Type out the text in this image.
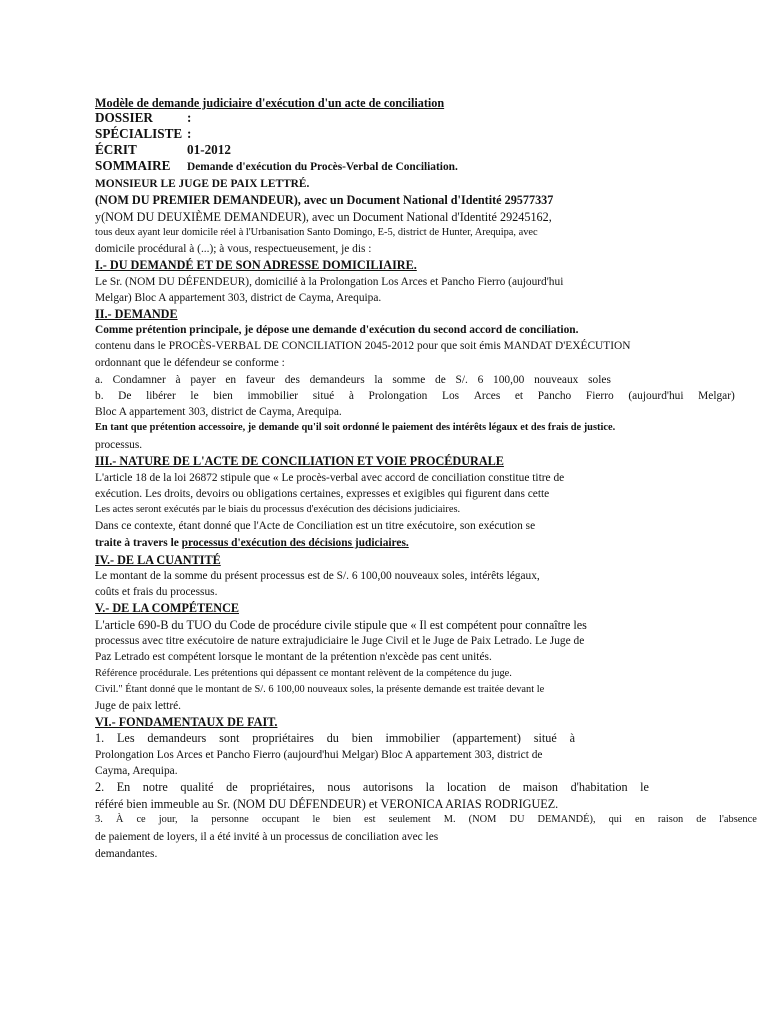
Modèle de demande judiciaire d'exécution d'un acte de conciliation
DOSSIER	:
SPÉCIALISTE :
ÉCRIT	01-2012
SOMMAIRE Demande d'exécution du Procès-Verbal de Conciliation.
MONSIEUR LE JUGE DE PAIX LETTRÉ.
(NOM DU PREMIER DEMANDEUR), avec un Document National d'Identité 29577337
y(NOM DU DEUXIÈME DEMANDEUR), avec un Document National d'Identité 29245162,
tous deux ayant leur domicile réel à l'Urbanisation Santo Domingo, E-5, district de Hunter, Arequipa, avec
domicile procédural à (...); à vous, respectueusement, je dis :
I.- DU DEMANDÉ ET DE SON ADRESSE DOMICILIAIRE.
Le Sr. (NOM DU DÉFENDEUR), domicilié à la Prolongation Los Arces et Pancho Fierro (aujourd'hui
Melgar) Bloc A appartement 303, district de Cayma, Arequipa.
II.- DEMANDE
Comme prétention principale, je dépose une demande d'exécution du second accord de conciliation.
contenu dans le PROCÈS-VERBAL DE CONCILIATION 2045-2012 pour que soit émis MANDAT D'EXÉCUTION
ordonnant que le défendeur se conforme :
a. Condamner à payer en faveur des demandeurs la somme de S/. 6 100,00 nouveaux soles
b. De libérer le bien immobilier situé à Prolongation Los Arces et Pancho Fierro (aujourd'hui Melgar)
Bloc A appartement 303, district de Cayma, Arequipa.
En tant que prétention accessoire, je demande qu'il soit ordonné le paiement des intérêts légaux et des frais de justice.
processus.
III.- NATURE DE L'ACTE DE CONCILIATION ET VOIE PROCÉDURALE
L'article 18 de la loi 26872 stipule que « Le procès-verbal avec accord de conciliation constitue titre de
exécution. Les droits, devoirs ou obligations certaines, expresses et exigibles qui figurent dans cette
Les actes seront exécutés par le biais du processus d'exécution des décisions judiciaires.
Dans ce contexte, étant donné que l'Acte de Conciliation est un titre exécutoire, son exécution se
traite à travers le processus d'exécution des décisions judiciaires.
IV.- DE LA CUANTITÉ
Le montant de la somme du présent processus est de S/. 6 100,00 nouveaux soles, intérêts légaux,
coûts et frais du processus.
V.- DE LA COMPÉTENCE
L'article 690-B du TUO du Code de procédure civile stipule que « Il est compétent pour connaître les
processus avec titre exécutoire de nature extrajudiciaire le Juge Civil et le Juge de Paix Letrado. Le Juge de
Paz Letrado est compétent lorsque le montant de la prétention n'excède pas cent unités.
Référence procédurale. Les prétentions qui dépassent ce montant relèvent de la compétence du juge.
Civil." Étant donné que le montant de S/. 6 100,00 nouveaux soles, la présente demande est traitée devant le
Juge de paix lettré.
VI.- FONDAMENTAUX DE FAIT.
1. Les demandeurs sont propriétaires du bien immobilier (appartement) situé à
Prolongation Los Arces et Pancho Fierro (aujourd'hui Melgar) Bloc A appartement 303, district de
Cayma, Arequipa.
2. En notre qualité de propriétaires, nous autorisons la location de maison d'habitation le
référé bien immeuble au Sr. (NOM DU DÉFENDEUR) et VERONICA ARIAS RODRIGUEZ.
3. À ce jour, la personne occupant le bien est seulement M. (NOM DU DEMANDÉ), qui en raison de l'absence
de paiement de loyers, il a été invité à un processus de conciliation avec les
demandantes.
